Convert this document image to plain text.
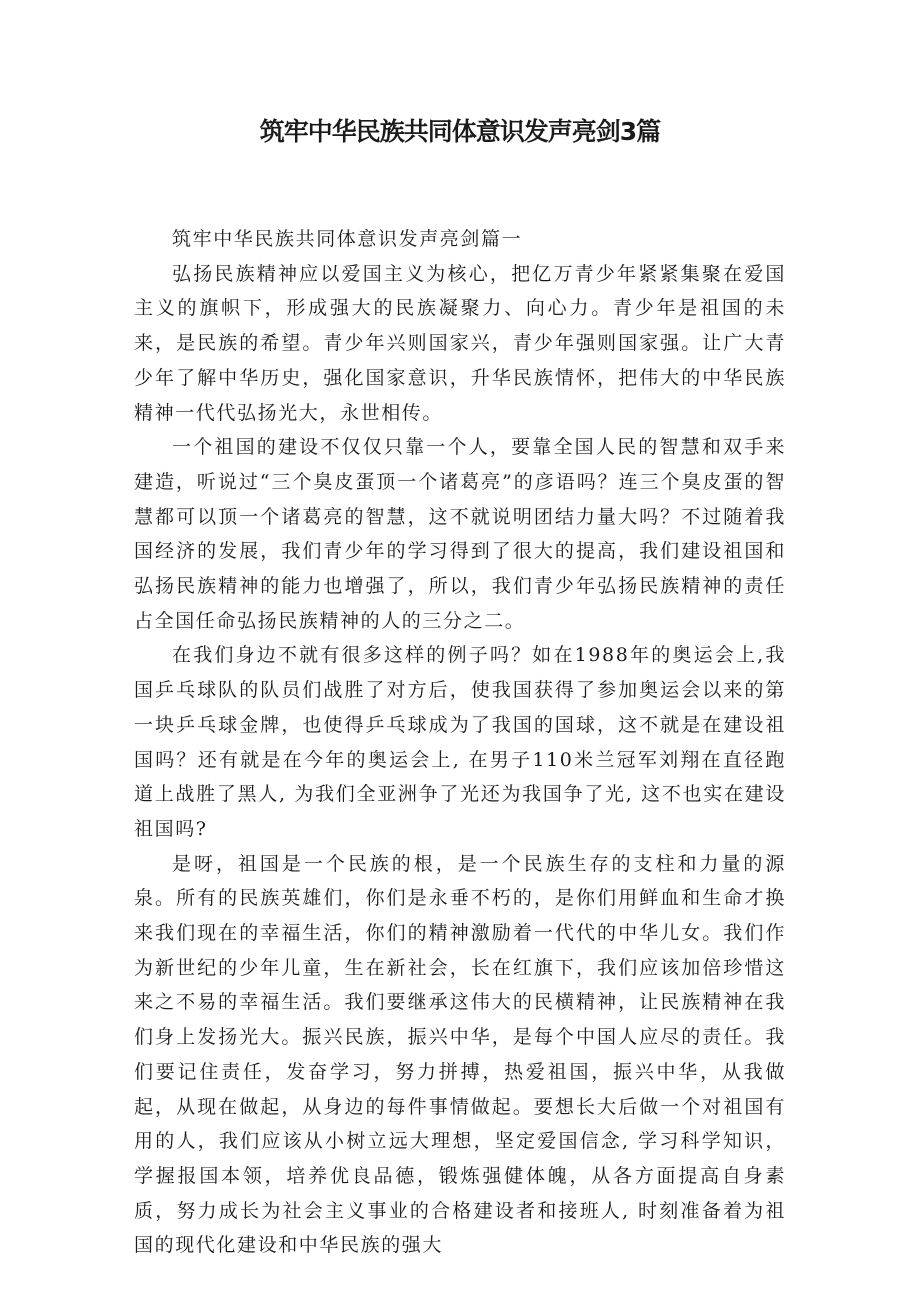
筑牢中华民族共同体意识发声亮剑3篇

筑牢中华民族共同体意识发声亮剑篇一

弘扬民族精神应以爱国主义为核心，把亿万青少年紧紧集聚在爱国主义的旗帜下，形成强大的民族凝聚力、向心力。青少年是祖国的未来，是民族的希望。青少年兴则国家兴，青少年强则国家强。让广大青少年了解中华历史，强化国家意识，升华民族情怀，把伟大的中华民族精神一代代弘扬光大，永世相传。

一个祖国的建设不仅仅只靠一个人，要靠全国人民的智慧和双手来建造，听说过“三个臭皮蛋顶一个诸葛亮”的彦语吗？连三个臭皮蛋的智慧都可以顶一个诸葛亮的智慧，这不就说明团结力量大吗？不过随着我国经济的发展，我们青少年的学习得到了很大的提高，我们建设祖国和弘扬民族精神的能力也增强了，所以，我们青少年弘扬民族精神的责任占全国任命弘扬民族精神的人的三分之二。

在我们身边不就有很多这样的例子吗？如在1988年的奥运会上,我国乒乓球队的队员们战胜了对方后，使我国获得了参加奥运会以来的第一块乒乓球金牌，也使得乒乓球成为了我国的国球，这不就是在建设祖国吗？还有就是在今年的奥运会上, 在男子110米兰冠军刘翔在直径跑道上战胜了黑人, 为我们全亚洲争了光还为我国争了光, 这不也实在建设祖国吗?

是呀，祖国是一个民族的根，是一个民族生存的支柱和力量的源泉。所有的民族英雄们，你们是永垂不朽的，是你们用鲜血和生命才换来我们现在的幸福生活，你们的精神激励着一代代的中华儿女。我们作为新世纪的少年儿童，生在新社会，长在红旗下，我们应该加倍珍惜这来之不易的幸福生活。我们要继承这伟大的民横精神，让民族精神在我们身上发扬光大。振兴民族，振兴中华，是每个中国人应尽的责任。我们要记住责任，发奋学习，努力拼搏，热爱祖国，振兴中华，从我做起，从现在做起，从身边的每件事情做起。要想长大后做一个对祖国有用的人，我们应该从小树立远大理想，坚定爱国信念, 学习科学知识，学握报国本领，培养优良品德，锻炼强健体魄，从各方面提高自身素质，努力成长为社会主义事业的合格建设者和接班人, 时刻准备着为祖国的现代化建设和中华民族的强大
